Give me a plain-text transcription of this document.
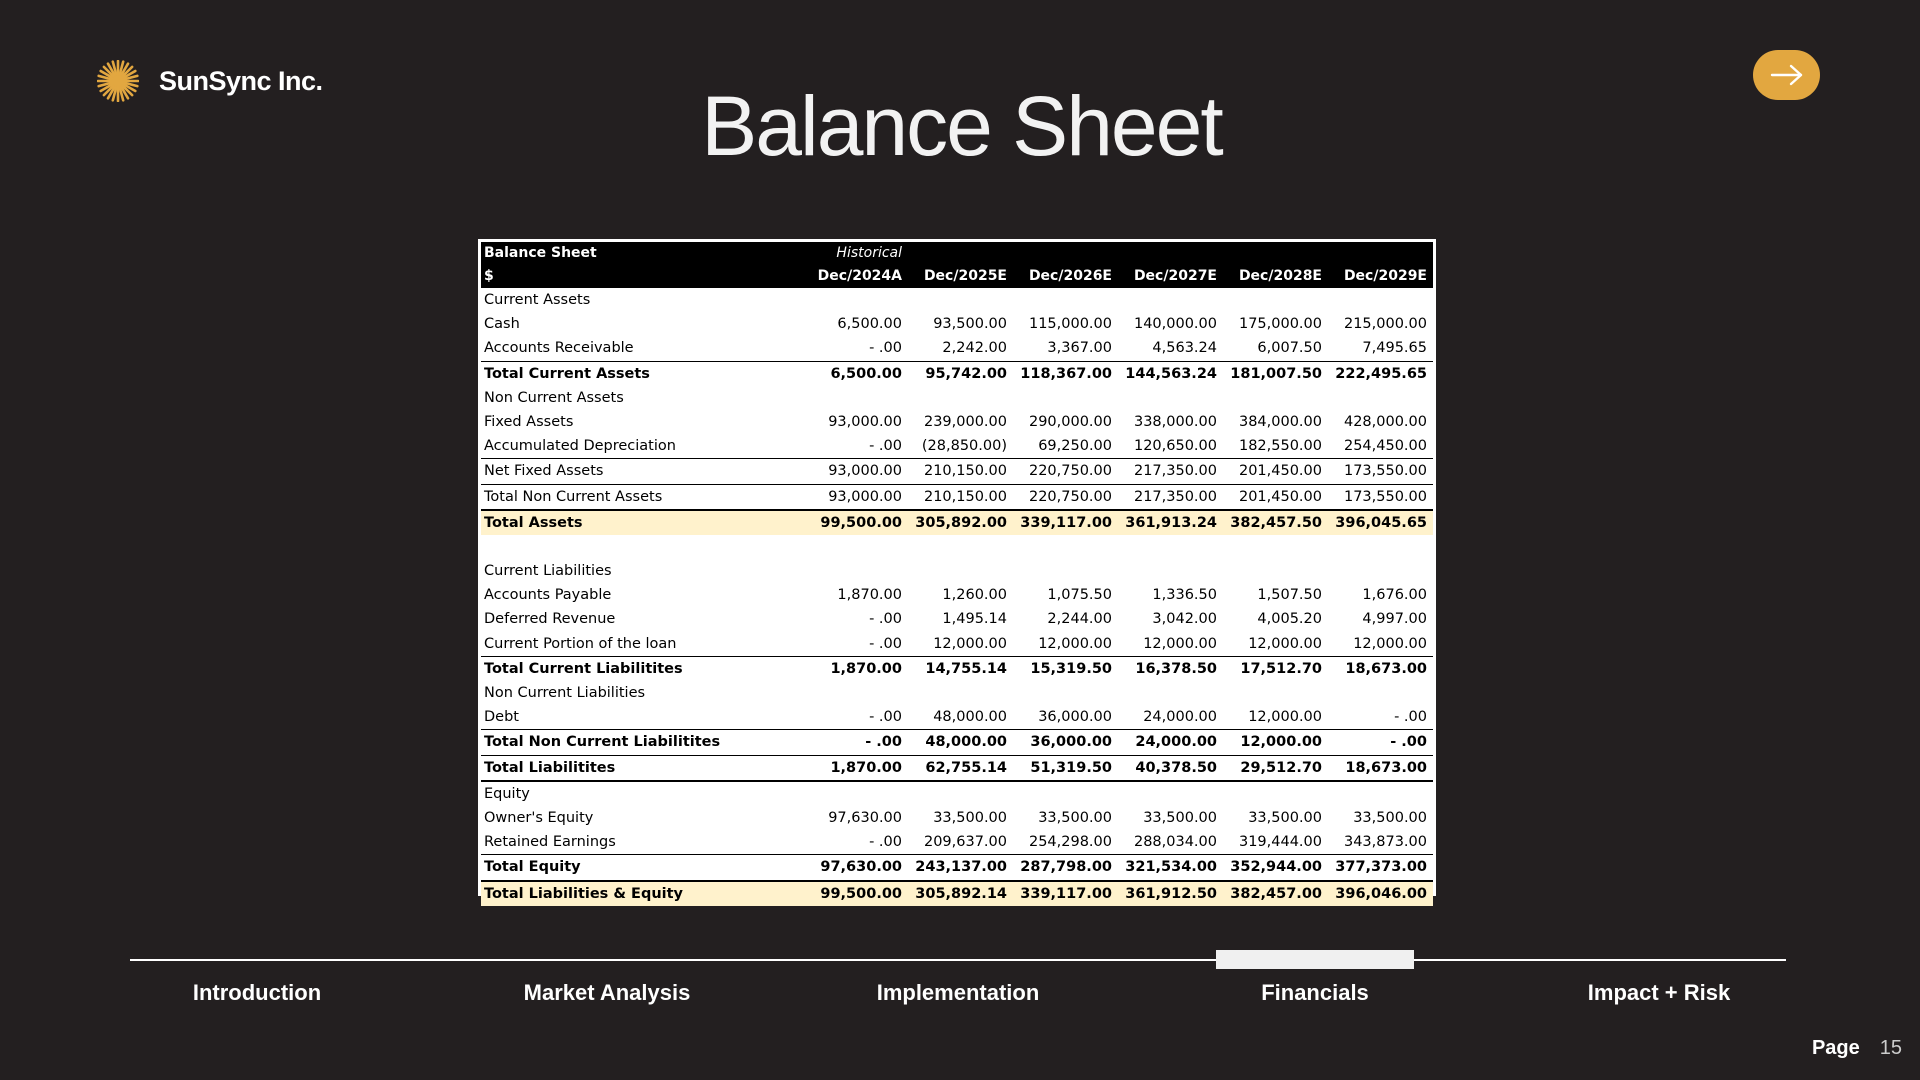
SunSync Inc.	Balance Sheet
Balance Sheet	Historical					
$	Dec/2024A	Dec/2025E	Dec/2026E	Dec/2027E	Dec/2028E	Dec/2029E
Current Assets						
Cash	6,500.00	93,500.00	115,000.00	140,000.00	175,000.00	215,000.00
Accounts Receivable	- .00	2,242.00	3,367.00	4,563.24	6,007.50	7,495.65
Total Current Assets	6,500.00	95,742.00	118,367.00	144,563.24	181,007.50	222,495.65
Non Current Assets						
Fixed Assets	93,000.00	239,000.00	290,000.00	338,000.00	384,000.00	428,000.00
Accumulated Depreciation	- .00	(28,850.00)	69,250.00	120,650.00	182,550.00	254,450.00
Net Fixed Assets	93,000.00	210,150.00	220,750.00	217,350.00	201,450.00	173,550.00
Total Non Current Assets	93,000.00	210,150.00	220,750.00	217,350.00	201,450.00	173,550.00
Total Assets	99,500.00	305,892.00	339,117.00	361,913.24	382,457.50	396,045.65

Current Liabilities						
Accounts Payable	1,870.00	1,260.00	1,075.50	1,336.50	1,507.50	1,676.00
Deferred Revenue	- .00	1,495.14	2,244.00	3,042.00	4,005.20	4,997.00
Current Portion of the loan	- .00	12,000.00	12,000.00	12,000.00	12,000.00	12,000.00
Total Current Liabilitites	1,870.00	14,755.14	15,319.50	16,378.50	17,512.70	18,673.00
Non Current Liabilities						
Debt	- .00	48,000.00	36,000.00	24,000.00	12,000.00	- .00
Total Non Current Liabilitites	- .00	48,000.00	36,000.00	24,000.00	12,000.00	- .00
Total Liabilitites	1,870.00	62,755.14	51,319.50	40,378.50	29,512.70	18,673.00
Equity						
Owner's Equity	97,630.00	33,500.00	33,500.00	33,500.00	33,500.00	33,500.00
Retained Earnings	- .00	209,637.00	254,298.00	288,034.00	319,444.00	343,873.00
Total Equity	97,630.00	243,137.00	287,798.00	321,534.00	352,944.00	377,373.00
Total Liabilities & Equity	99,500.00	305,892.14	339,117.00	361,912.50	382,457.00	396,046.00
Introduction	Market Analysis	Implementation	Financials	Impact + Risk
Page 15
